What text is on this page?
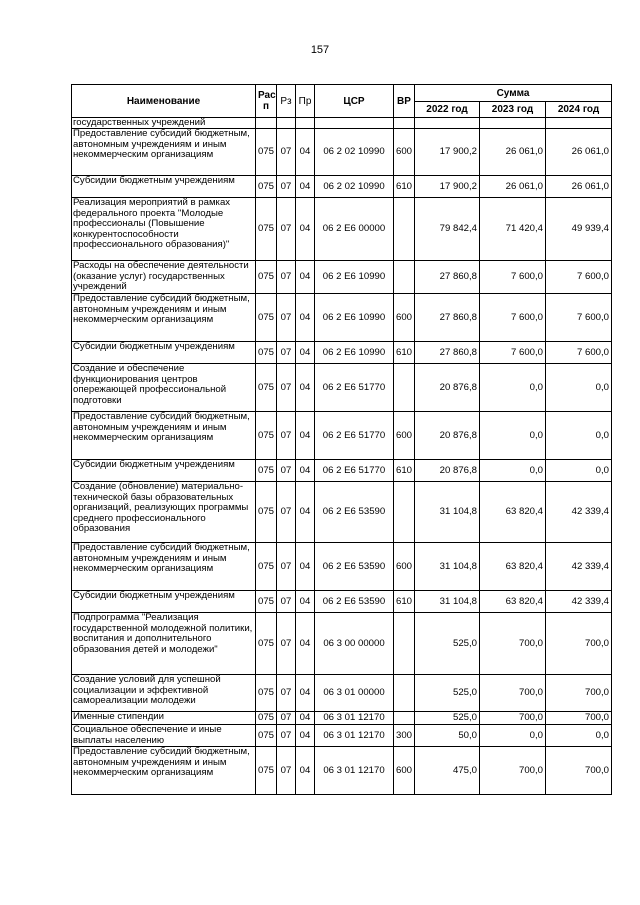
157
Наименование	Рас
п	Рз	Пр	ЦСР	ВР	Сумма		
						2022 год	2023 год	2024 год
государственных учреждений								
Предоставление субсидий бюджетным, автономным учреждениям и иным некоммерческим организациям	075	07	04	06 2 02 10990	600	17 900,2	26 061,0	26 061,0
Субсидии бюджетным учреждениям	075	07	04	06 2 02 10990	610	17 900,2	26 061,0	26 061,0
Реализация мероприятий в рамках федерального проекта "Молодые профессионалы (Повышение конкурентоспособности профессионального образования)"	075	07	04	06 2 E6 00000		79 842,4	71 420,4	49 939,4
Расходы на обеспечение деятельности (оказание услуг) государственных учреждений	075	07	04	06 2 E6 10990		27 860,8	7 600,0	7 600,0
Предоставление субсидий бюджетным, автономным учреждениям и иным некоммерческим организациям	075	07	04	06 2 E6 10990	600	27 860,8	7 600,0	7 600,0
Субсидии бюджетным учреждениям	075	07	04	06 2 E6 10990	610	27 860,8	7 600,0	7 600,0
Создание и обеспечение функционирования центров опережающей профессиональной подготовки	075	07	04	06 2 E6 51770		20 876,8	0,0	0,0
Предоставление субсидий бюджетным, автономным учреждениям и иным некоммерческим организациям	075	07	04	06 2 E6 51770	600	20 876,8	0,0	0,0
Субсидии бюджетным учреждениям	075	07	04	06 2 E6 51770	610	20 876,8	0,0	0,0
Создание (обновление) материально-технической базы образовательных организаций, реализующих программы среднего профессионального образования	075	07	04	06 2 E6 53590		31 104,8	63 820,4	42 339,4
Предоставление субсидий бюджетным, автономным учреждениям и иным некоммерческим организациям	075	07	04	06 2 E6 53590	600	31 104,8	63 820,4	42 339,4
Субсидии бюджетным учреждениям	075	07	04	06 2 E6 53590	610	31 104,8	63 820,4	42 339,4
Подпрограмма "Реализация государственной молодежной политики, воспитания и дополнительного образования детей и молодежи"	075	07	04	06 3 00 00000		525,0	700,0	700,0
Создание условий для успешной социализации и эффективной самореализации молодежи	075	07	04	06 3 01 00000		525,0	700,0	700,0
Именные стипендии	075	07	04	06 3 01 12170		525,0	700,0	700,0
Социальное обеспечение и иные выплаты населению	075	07	04	06 3 01 12170	300	50,0	0,0	0,0
Предоставление субсидий бюджетным, автономным учреждениям и иным некоммерческим организациям	075	07	04	06 3 01 12170	600	475,0	700,0	700,0
